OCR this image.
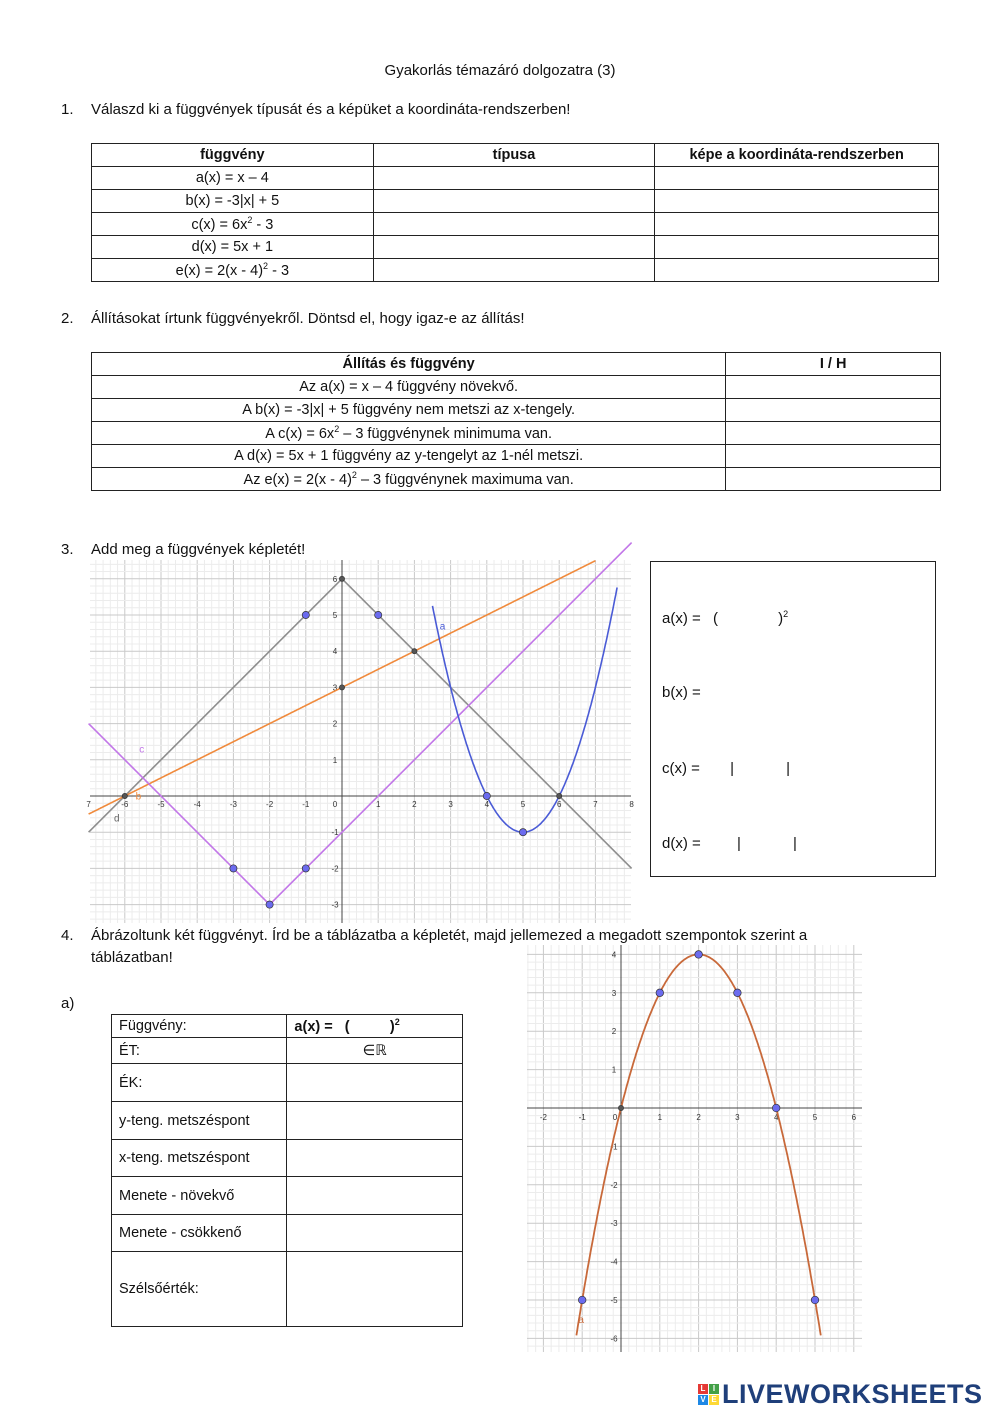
Gyakorlás témazáró dolgozatra (3)
1. Válaszd ki a függvények típusát és a képüket a koordináta-rendszerben!
függvény	típusa	képe a koordináta-rendszerben
a(x) = x – 4		
b(x) = -3|x| + 5		
$c(x) = 6x^2 - 3$		
d(x) = 5x + 1		
e(x) = 2(x - 4)$^2$ - 3		
2. Állításokat írtunk függvényekről. Döntsd el, hogy igaz-e az állítás!
Állítás és függvény	I / H
Az a(x) = x – 4 függvény növekvő.	
A b(x) = -3|x| + 5 függvény nem metszi az x-tengely.	
A $c(x) = 6x^2 - 3$ függvénynek minimuma van.	
A d(x) = 5x + 1 függvény az y-tengelyt az 1-nél metszi.	
Az e(x) = 2(x - 4)$^2$ – 3 függvénynek maximuma van.	
3. Add meg a függvények képletét!
7	-6	-5	-4	-3	-2	-1	0	1	2	3	4	5	6	7	8
6
5
4
3
2
1
-1
-2
-3
a
b
c
d
a(x) = (	)$^2$
b(x) =
c(x) = |	|
d(x) = |	|
4. Ábrázoltunk két függvényt. Írd be a táblázatba a képletét, majd jellemezed a megadott szempontok szerint a
táblázatban!
a)
Függvény:	a(x) =   (          )$^2$
ÉT:	∈ℝ
ÉK:	
y-teng. metszéspont	
x-teng. metszéspont	
Menete - növekvő	
Menete - csökkenő	
Szélsőérték:	
-2	-1	0	1	2	3	4	5	6
4
3
2
1
-1
-2
-3
-4
-5
-6
a
L I
V E LIVEWORKSHEETS
